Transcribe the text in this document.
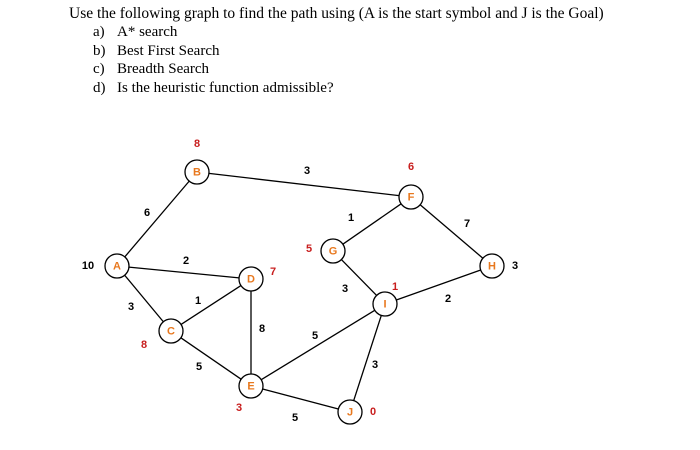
Use the following graph to find the path using (A is the start symbol and J is the Goal)
a) A* search
b) Best First Search
c) Breadth Search
d) Is the heuristic function admissible?
A
B
C
D
E
F
G
H
I
J
6
3
2
3
1
5
8
5
5
1
3
7
2
3
10
8
8
7
3
6
5
3
1
0
